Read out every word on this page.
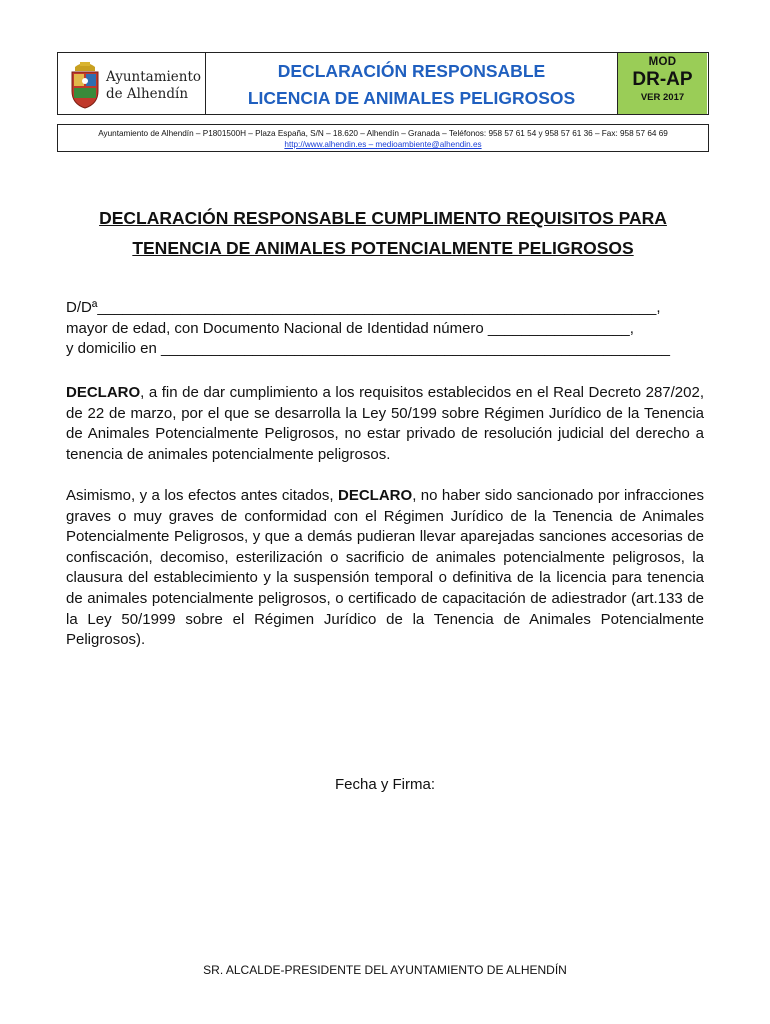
Ayuntamiento
de Alhendín
DECLARACIÓN RESPONSABLE
LICENCIA DE ANIMALES PELIGROSOS
MOD
DR-AP
VER 2017
Ayuntamiento de Alhendín – P1801500H – Plaza España, S/N – 18.620 – Alhendín – Granada – Teléfonos: 958 57 61 54 y 958 57 61 36 – Fax: 958 57 64 69
http://www.alhendin.es – medioambiente@alhendin.es
DECLARACIÓN RESPONSABLE CUMPLIMENTO REQUISITOS PARA
TENENCIA DE ANIMALES POTENCIALMENTE PELIGROSOS
D/Dª___________________________________________________________________,
mayor de edad, con Documento Nacional de Identidad número _________________,
y domicilio en _____________________________________________________________
DECLARO, a fin de dar cumplimiento a los requisitos establecidos en el Real Decreto 287/202, de 22 de marzo, por el que se desarrolla la Ley 50/199 sobre Régimen Jurídico de la Tenencia de Animales Potencialmente Peligrosos, no estar privado de resolución judicial del derecho a tenencia de animales potencialmente peligrosos.
Asimismo, y a los efectos antes citados, DECLARO, no haber sido sancionado por infracciones graves o muy graves de conformidad con el Régimen Jurídico de la Tenencia de Animales Potencialmente Peligrosos, y que a demás pudieran llevar aparejadas sanciones accesorias de confiscación, decomiso, esterilización o sacrificio de animales potencialmente peligrosos, la clausura del establecimiento y la suspensión temporal o definitiva de la licencia para tenencia de animales potencialmente peligrosos, o certificado de capacitación de adiestrador (art.133 de la Ley 50/1999 sobre el Régimen Jurídico de la Tenencia de Animales Potencialmente Peligrosos).
Fecha y Firma:
SR. ALCALDE-PRESIDENTE DEL AYUNTAMIENTO DE ALHENDÍN
